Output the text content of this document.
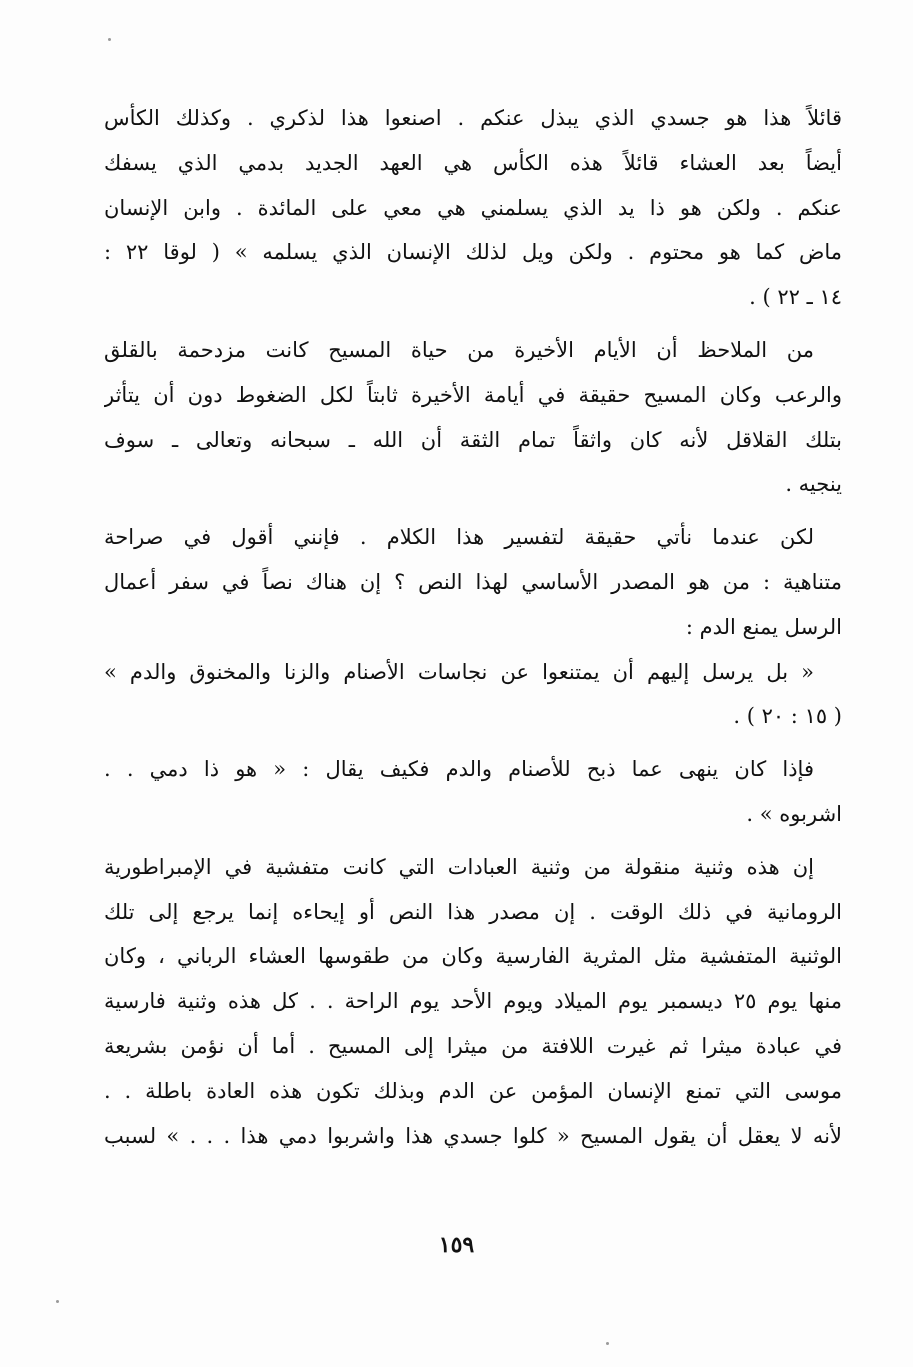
قائلاً هذا هو جسدي الذي يبذل عنكم . اصنعوا هذا لذكري . وكذلك الكأس
أيضاً بعد العشاء قائلاً هذه الكأس هي العهد الجديد بدمي الذي يسفك
عنكم . ولكن هو ذا يد الذي يسلمني هي معي على المائدة . وابن الإنسان
ماض كما هو محتوم . ولكن ويل لذلك الإنسان الذي يسلمه » ( لوقا ٢٢ :
١٤ ـ ٢٢ ) .

من الملاحظ أن الأيام الأخيرة من حياة المسيح كانت مزدحمة بالقلق
والرعب وكان المسيح حقيقة في أيامة الأخيرة ثابتاً لكل الضغوط دون أن يتأثر
بتلك القلاقل لأنه كان واثقاً تمام الثقة أن الله ـ سبحانه وتعالى ـ سوف
ينجيه .

لكن عندما نأتي حقيقة لتفسير هذا الكلام . فإنني أقول في صراحة
متناهية : من هو المصدر الأساسي لهذا النص ؟ إن هناك نصاً في سفر أعمال
الرسل يمنع الدم :
« بل يرسل إليهم أن يمتنعوا عن نجاسات الأصنام والزنا والمخنوق والدم »
( ١٥ : ٢٠ ) .

فإذا كان ينهى عما ذبح للأصنام والدم فكيف يقال : « هو ذا دمي . .
اشربوه » .

إن هذه وثنية منقولة من وثنية العبادات التي كانت متفشية في الإمبراطورية
الرومانية في ذلك الوقت . إن مصدر هذا النص أو إيحاءه إنما يرجع إلى تلك
الوثنية المتفشية مثل المثرية الفارسية وكان من طقوسها العشاء الرباني ، وكان
منها يوم ٢٥ ديسمبر يوم الميلاد ويوم الأحد يوم الراحة . . كل هذه وثنية فارسية
في عبادة ميثرا ثم غيرت اللافتة من ميثرا إلى المسيح . أما أن نؤمن بشريعة
موسى التي تمنع الإنسان المؤمن عن الدم وبذلك تكون هذه العادة باطلة . .
لأنه لا يعقل أن يقول المسيح « كلوا جسدي هذا واشربوا دمي هذا . . . » لسبب

١٥٩
